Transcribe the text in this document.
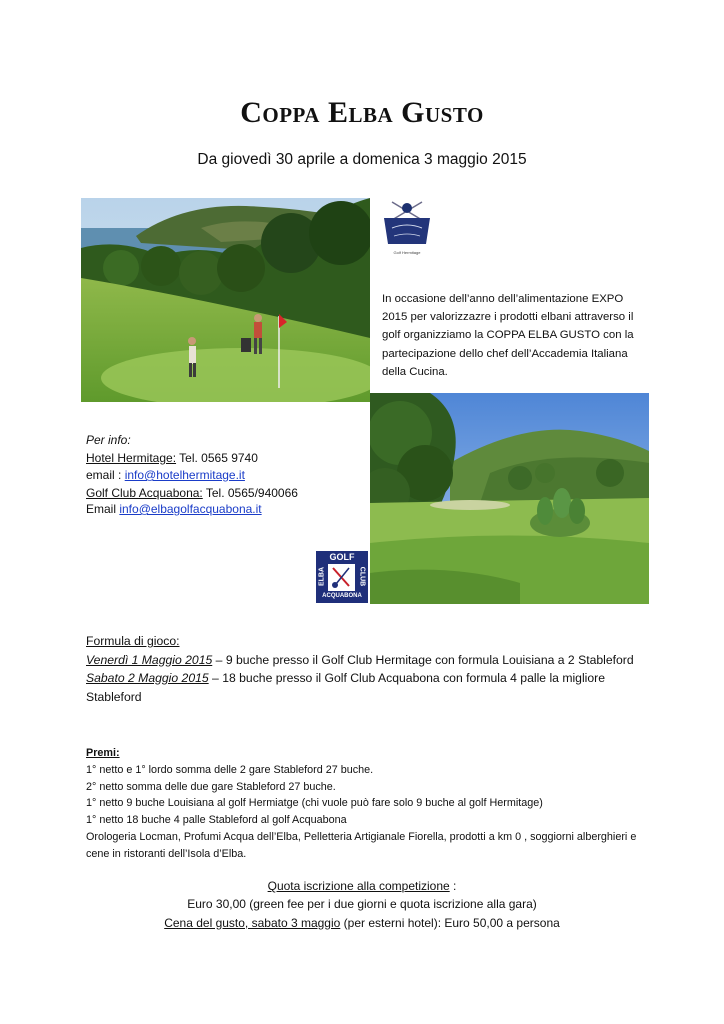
Coppa Elba Gusto
Da giovedì 30 aprile a domenica 3 maggio 2015
Golf Hermitage
In occasione dell’anno dell’alimentazione EXPO 2015 per valorizzazre i prodotti elbani attraverso il golf organizziamo la COPPA ELBA GUSTO con la partecipazione dello chef dell’Accademia Italiana della Cucina.
Per info:
Hotel Hermitage: Tel. 0565 9740
email : info@hotelhermitage.it
Golf Club Acquabona: Tel. 0565/940066
Email info@elbagolfacquabona.it
GOLF
ELBA	CLUB
ACQUABONA
Formula di gioco:
Venerdì 1 Maggio 2015 – 9 buche presso il Golf Club Hermitage con formula Louisiana a 2 Stableford
Sabato 2 Maggio 2015 – 18 buche presso il Golf Club Acquabona con formula 4 palle la migliore Stableford
Premi:
1° netto e 1° lordo somma delle 2 gare Stableford 27 buche.
2° netto somma delle due gare Stableford 27 buche.
1° netto 9 buche Louisiana al golf Hermiatge (chi vuole può fare solo 9 buche al golf Hermitage)
1° netto 18 buche 4 palle Stableford al golf Acquabona
Orologeria Locman, Profumi Acqua dell’Elba, Pelletteria Artigianale Fiorella, prodotti a km 0 , soggiorni alberghieri e cene in ristoranti dell’Isola d’Elba.
Quota iscrizione alla competizione :
Euro 30,00 (green fee per i due giorni e quota iscrizione alla gara)
Cena del gusto, sabato 3 maggio (per esterni hotel): Euro 50,00 a persona
